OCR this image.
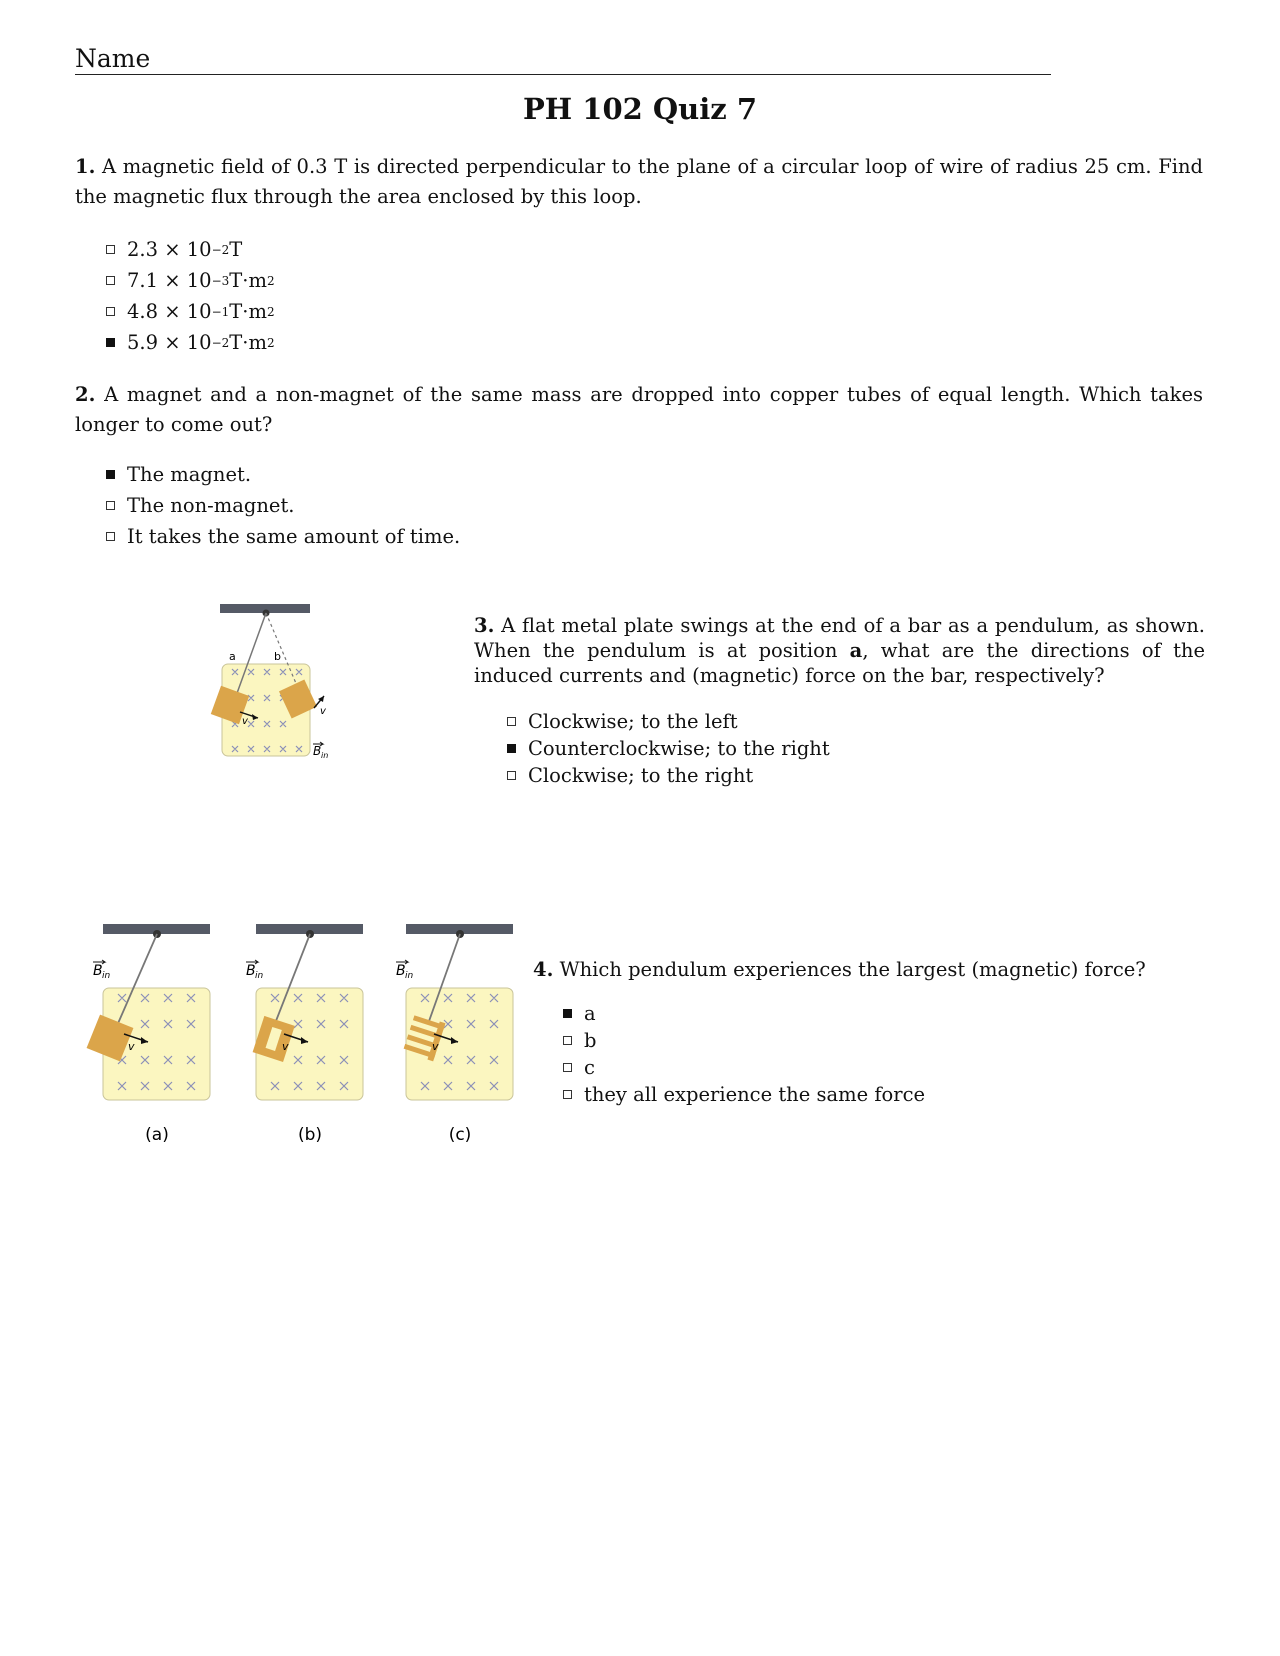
Name
PH 102 Quiz 7
1. A magnetic field of 0.3 T is directed perpendicular to the plane of a circular loop of wire of radius 25 cm. Find the magnetic flux through the area enclosed by this loop.
2.3 × 10 −2 T
7.1 × 10 −3 T·m 2
4.8 × 10 −1 T·m 2
5.9 × 10 −2 T·m 2
2. A magnet and a non-magnet of the same mass are dropped into copper tubes of equal length. Which takes longer to come out?
The magnet.
The non-magnet.
It takes the same amount of time.
a	b
v
v
B in
3. A flat metal plate swings at the end of a bar as a pendulum, as shown. When the pendulum is at position a, what are the directions of the induced currents and (magnetic) force on the bar, respectively?
Clockwise; to the left
Counterclockwise; to the right
Clockwise; to the right
v
B in
(a)
v
B in
(b)
v
B in
(c)
4. Which pendulum experiences the largest (magnetic) force?
a
b
c
they all experience the same force
